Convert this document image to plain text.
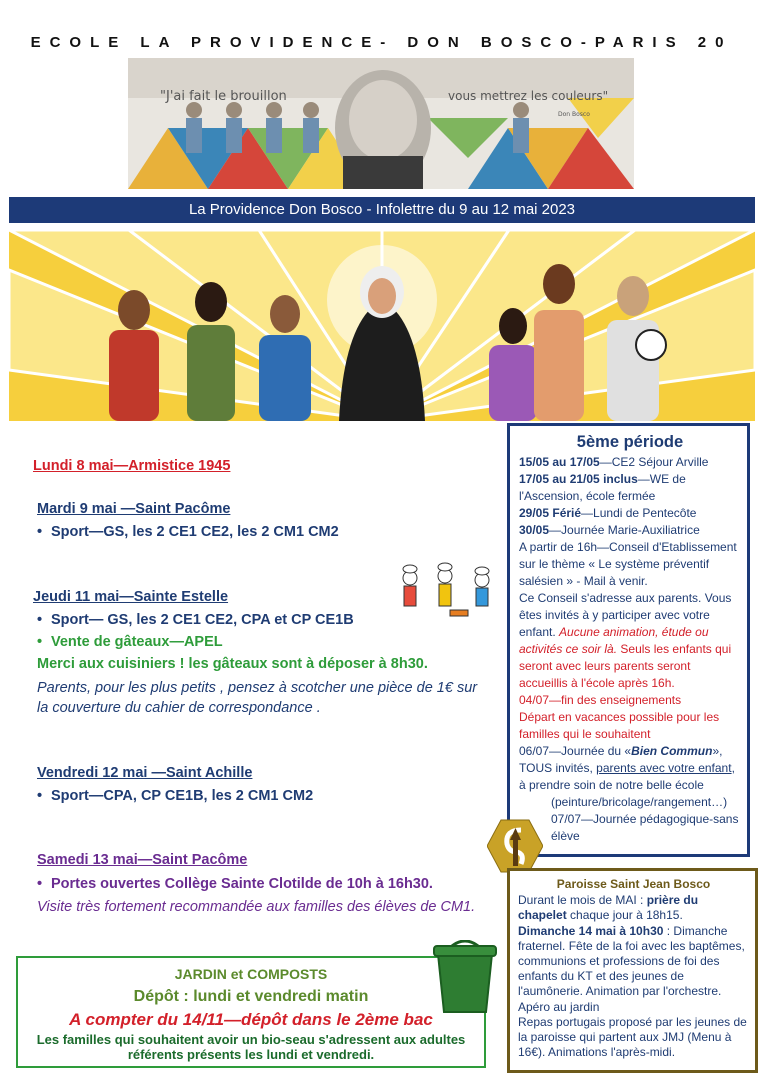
ECOLE LA PROVIDENCE- DON BOSCO-PARIS 20
"J'ai fait le brouillon	vous mettrez les couleurs"
Don Bosco
La Providence Don Bosco - Infolettre du 9 au 12 mai 2023
Lundi 8 mai—Armistice 1945
Mardi 9 mai —Saint Pacôme
• Sport—GS, les 2 CE1 CE2, les 2 CM1 CM2
Jeudi 11 mai—Sainte Estelle
• Sport— GS, les 2 CE1 CE2, CPA et CP CE1B
• Vente de gâteaux—APEL
Merci aux cuisiniers ! les gâteaux sont à déposer à 8h30.
Parents, pour les plus petits , pensez à scotcher une pièce de 1€ sur la couverture du cahier de correspondance .
Vendredi 12 mai —Saint Achille
• Sport—CPA, CP CE1B, les 2 CM1 CM2
Samedi 13 mai—Saint Pacôme
• Portes ouvertes Collège Sainte Clotilde de 10h à 16h30.
Visite très fortement recommandée aux familles des élèves de CM1.
JARDIN et COMPOSTS
Dépôt : lundi et vendredi matin
A compter du 14/11—dépôt dans le 2ème bac
Les familles qui souhaitent avoir un bio-seau s'adressent aux adultes référents présents les lundi et vendredi.
5ème période
15/05 au 17/05—CE2 Séjour Arville
17/05 au 21/05 inclus—WE de l'Ascension, école fermée
29/05 Férié—Lundi de Pentecôte
30/05—Journée Marie-Auxiliatrice
A partir de 16h—Conseil d'Etablissement sur le thème « Le système préventif salésien » - Mail à venir.
Ce Conseil s'adresse aux parents. Vous êtes invités à y participer avec votre enfant. Aucune animation, étude ou activités ce soir là. Seuls les enfants qui seront avec leurs parents seront accueillis à l'école après 16h.
04/07—fin des enseignements
Départ en vacances possible pour les familles qui le souhaitent
06/07—Journée du «Bien Commun»,
TOUS invités, parents avec votre enfant, à prendre soin de notre belle école
(peinture/bricolage/rangement…)
07/07—Journée pédagogique-sans élève
Paroisse Saint Jean Bosco
Durant le mois de MAI : prière du chapelet chaque jour à 18h15.
Dimanche 14 mai à 10h30 : Dimanche fraternel. Fête de la foi avec les baptêmes, communions et professions de foi des enfants du KT et des jeunes de l'aumônerie. Animation par l'orchestre.
Apéro au jardin
Repas portugais proposé par les jeunes de la paroisse qui partent aux JMJ (Menu à 16€). Animations l'après-midi.
